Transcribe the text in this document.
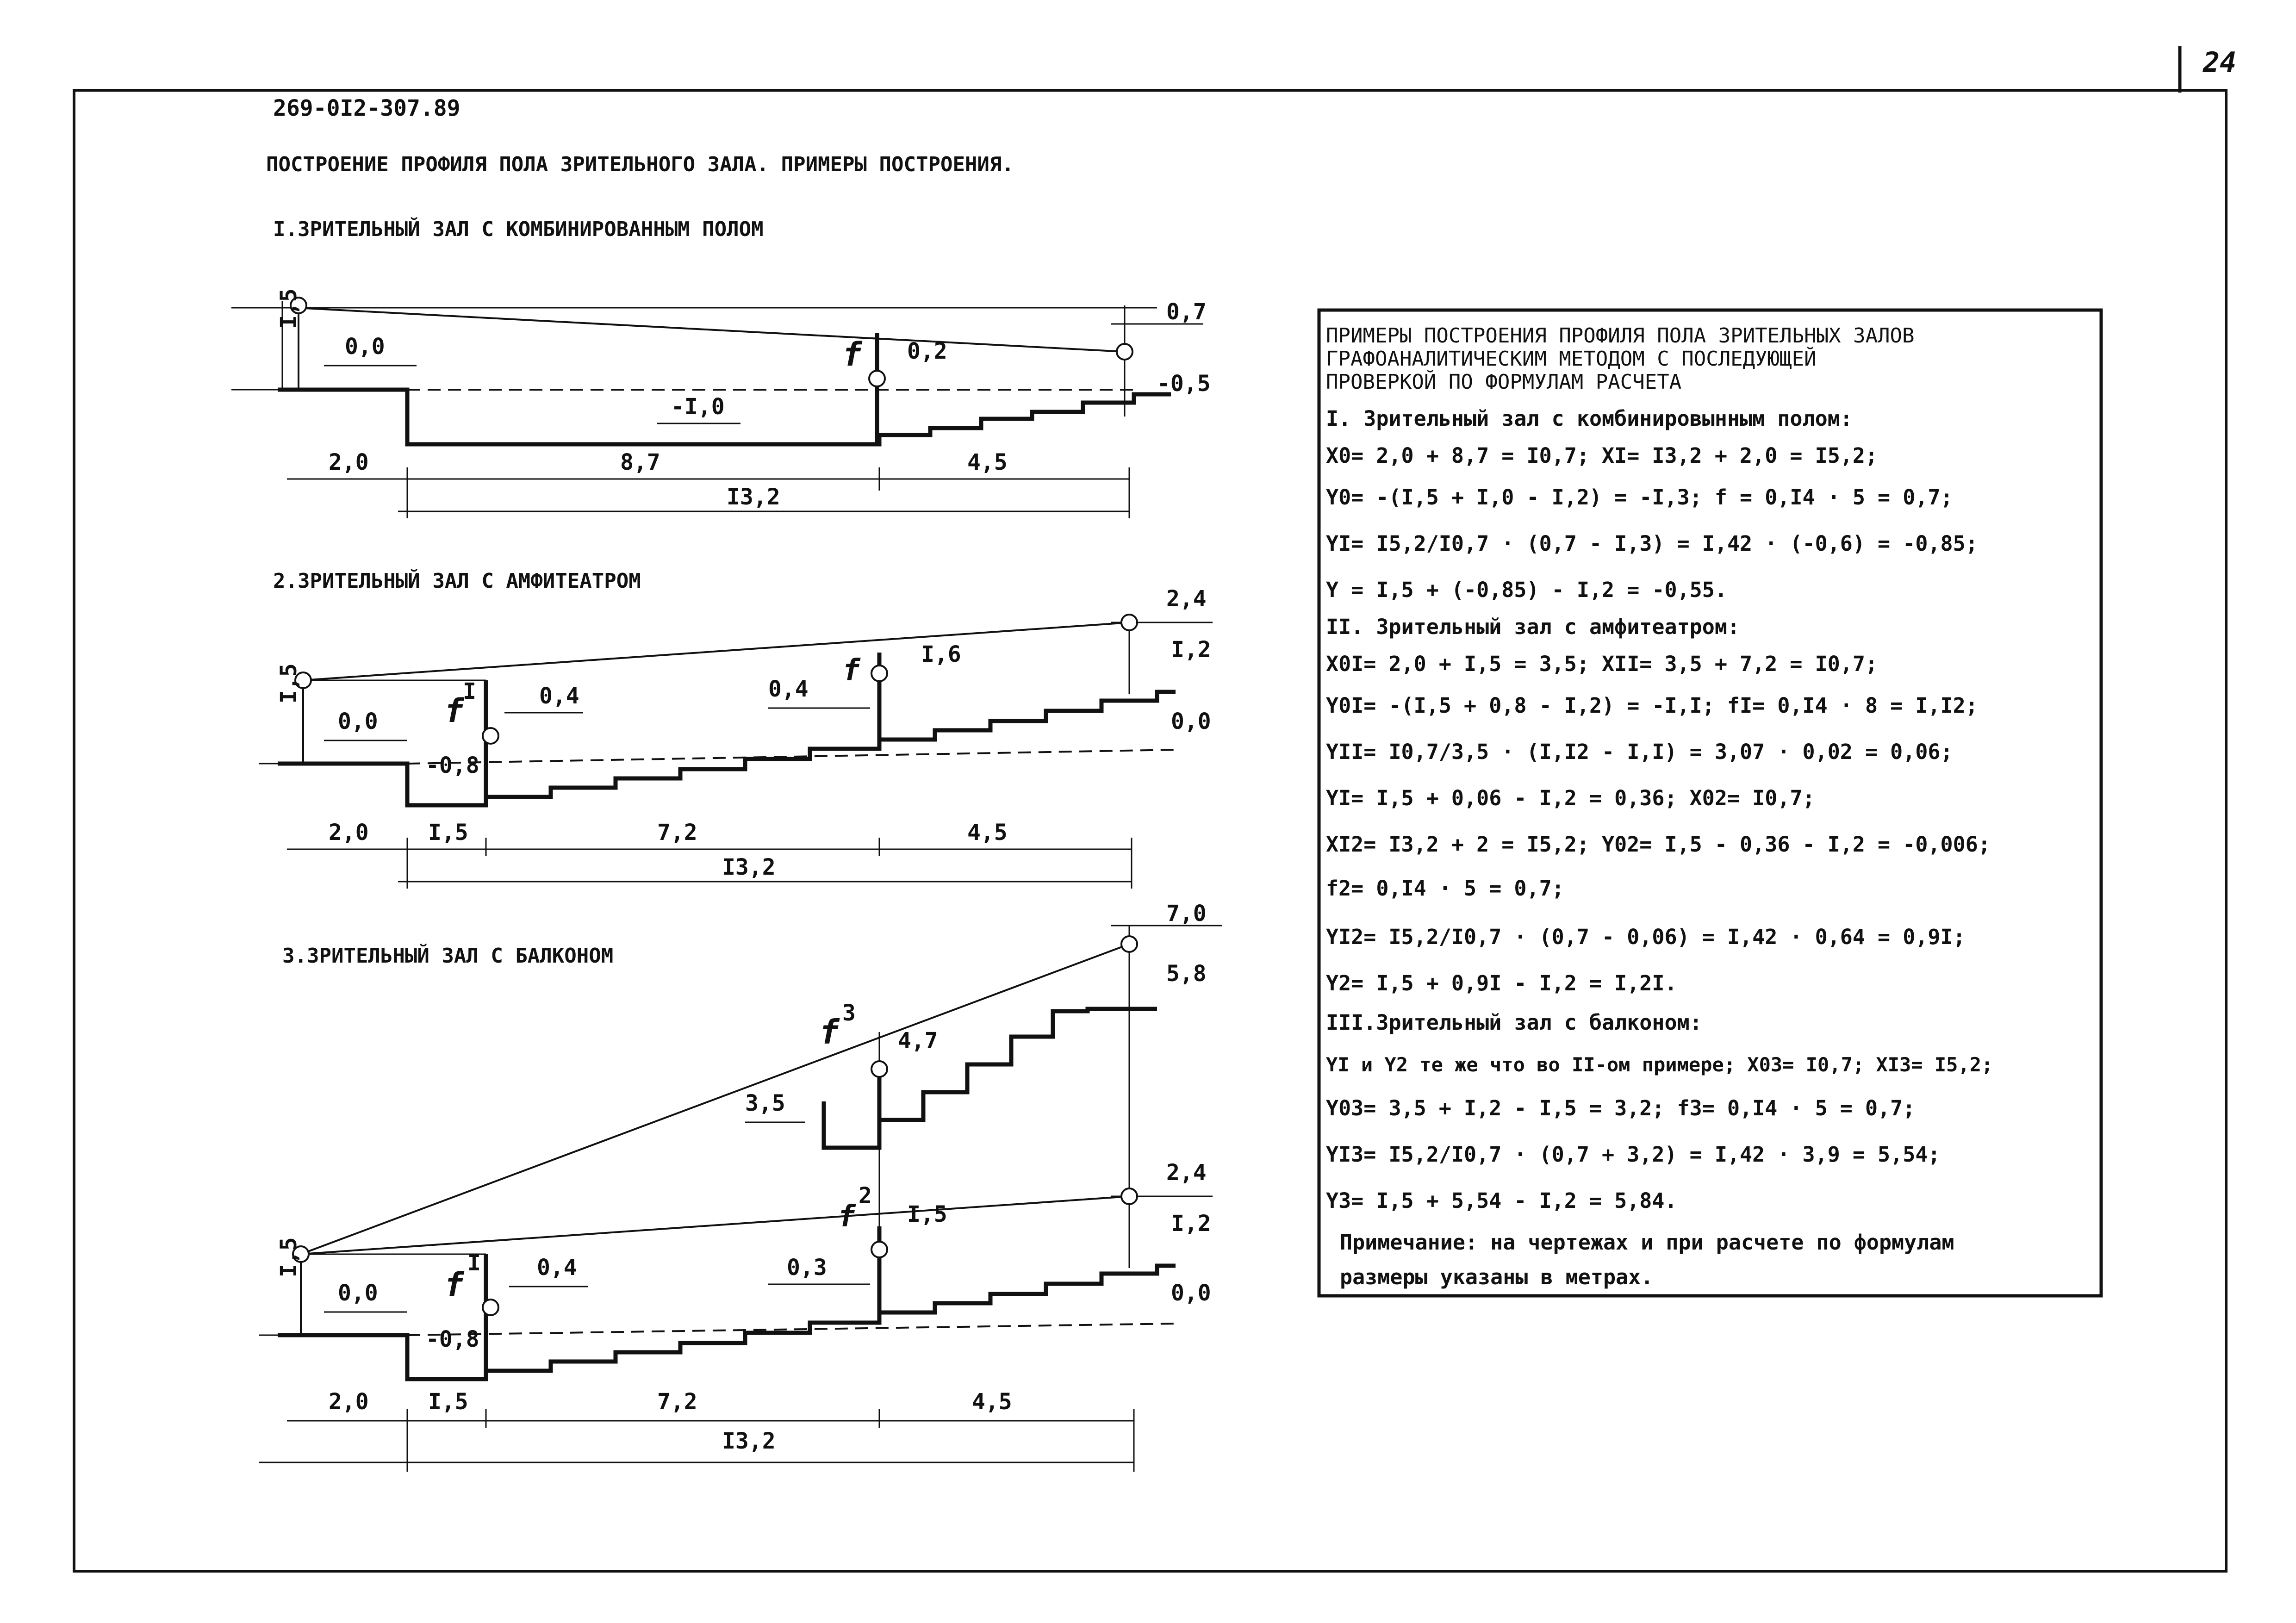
24
269-0I2-307.89
ПОСТРОЕНИЕ ПРОФИЛЯ ПОЛА ЗРИТЕЛЬНОГО ЗАЛА. ПРИМЕРЫ ПОСТРОЕНИЯ.
I.ЗРИТЕЛЬНЫЙ ЗАЛ С КОМБИНИРОВАННЫМ ПОЛОМ
I,5
0,0
-I,0
f 0,2
0,7
-0,5
2,0	8,7	4,5
I3,2
2.ЗРИТЕЛЬНЫЙ ЗАЛ С АМФИТЕАТРОМ
I,5
0,0
-0,8
f
I	0,4	0,4
f	I,6
2,4
I,2
0,0
2,0	I,5	7,2	4,5
I3,2
3.ЗРИТЕЛЬНЫЙ ЗАЛ С БАЛКОНОМ
I,5
0,0
-0,8
f
I	0,4	0,3
f
2
I,5
f 3
4,7
3,5
7,0
5,8
2,4
I,2
0,0
2,0	I,5	7,2	4,5
I3,2
ПРИМЕРЫ ПОСТРОЕНИЯ ПРОФИЛЯ ПОЛА ЗРИТЕЛЬНЫХ ЗАЛОВ
ГРАФОАНАЛИТИЧЕСКИМ МЕТОДОМ С ПОСЛЕДУЮЩЕЙ
ПРОВЕРКОЙ ПО ФОРМУЛАМ РАСЧЕТА
I. Зрительный зал с комбинировынным полом:
X0= 2,0 + 8,7 = I0,7; XI= I3,2 + 2,0 = I5,2;
Y0= -(I,5 + I,0 - I,2) = -I,3; f = 0,I4 · 5 = 0,7;
YI= I5,2/I0,7 · (0,7 - I,3) = I,42 · (-0,6) = -0,85;
Y = I,5 + (-0,85) - I,2 = -0,55.
II. Зрительный зал с амфитеатром:
X0I= 2,0 + I,5 = 3,5; XII= 3,5 + 7,2 = I0,7;
Y0I= -(I,5 + 0,8 - I,2) = -I,I; fI= 0,I4 · 8 = I,I2;
YII= I0,7/3,5 · (I,I2 - I,I) = 3,07 · 0,02 = 0,06;
YI= I,5 + 0,06 - I,2 = 0,36; X02= I0,7;
XI2= I3,2 + 2 = I5,2; Y02= I,5 - 0,36 - I,2 = -0,006;
f2= 0,I4 · 5 = 0,7;
YI2= I5,2/I0,7 · (0,7 - 0,06) = I,42 · 0,64 = 0,9I;
Y2= I,5 + 0,9I - I,2 = I,2I.
III.Зрительный зал с балконом:
YI и Y2 те же что во II-ом примере; X03= I0,7; XI3= I5,2;
Y03= 3,5 + I,2 - I,5 = 3,2; f3= 0,I4 · 5 = 0,7;
YI3= I5,2/I0,7 · (0,7 + 3,2) = I,42 · 3,9 = 5,54;
Y3= I,5 + 5,54 - I,2 = 5,84.
Примечание: на чертежах и при расчете по формулам
размеры указаны в метрах.
